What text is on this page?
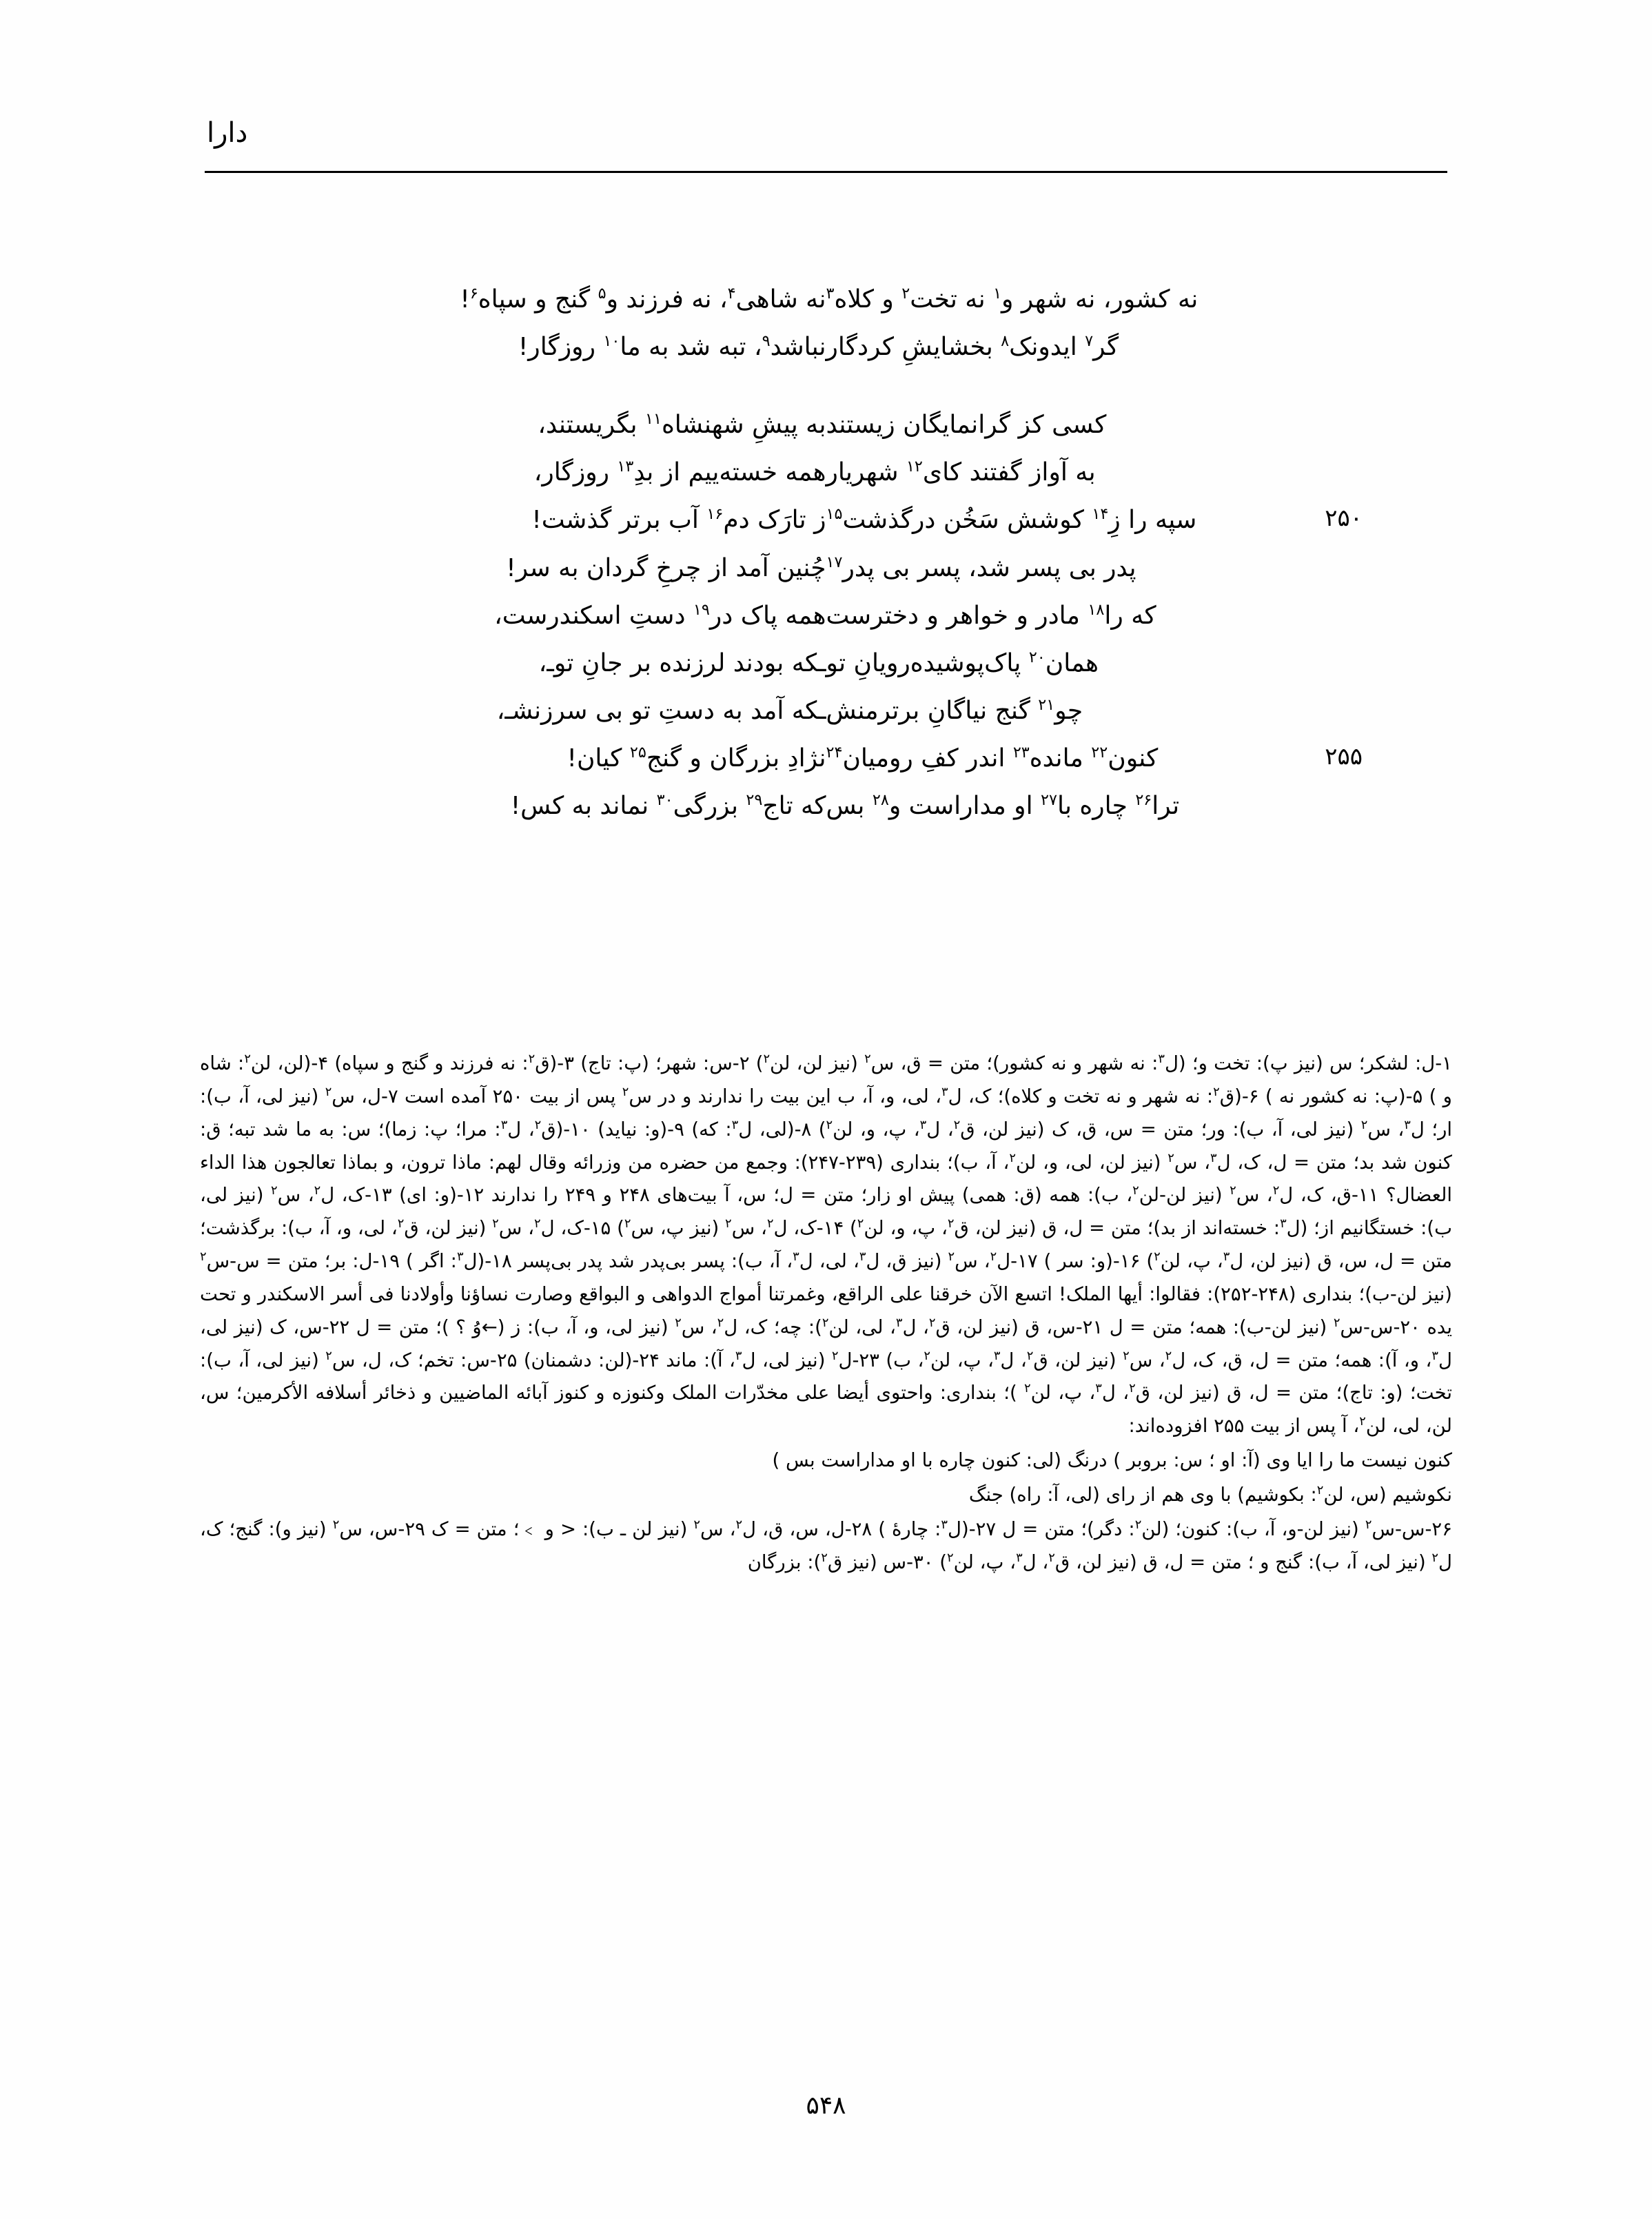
دارا
نه کشور، نه شهر و$^۱$ نه تخت$^۲$ و کلاه$^۳$	نه شاهی$^۴$، نه فرزند و$^۵$ گنج و سپاه$^۶$!

گر$^۷$ ایدونک$^۸$ بخشایشِ کردگار	نباشد$^۹$، تبه شد به ما$^{۱۰}$ روزگار!

کسی کز گرانمایگان زیستند	به پیشِ شهنشاه$^{۱۱}$ بگریستند،

به آواز گفتند کای$^{۱۲}$ شهریار	همه خسته‌ییم از بدِ$^{۱۳}$ روزگار،

۲۵۰
سپه را زِ$^{۱۴}$ کوشش سَخُن درگذشت$^{۱۵}$	ز تارَک دم$^{۱۶}$ آب برتر گذشت!

پدر بی پسر شد، پسر بی پدر$^{۱۷}$	چُنین آمد از چرخِ گردان به سر!

که را$^{۱۸}$ مادر و خواهر و دخترست	همه پاک در$^{۱۹}$ دستِ اسکندرست،

همان$^{۲۰}$ پاک‌پوشیده‌رویانِ تو	ـکه بودند لرزنده بر جانِ توـ،

چو$^{۲۱}$ گنج نیاگانِ برترمنش	ـکه آمد به دستِ تو بی سرزنشـ،

۲۵۵
کنون$^{۲۲}$ مانده$^{۲۳}$ اندر کفِ رومیان$^{۲۴}$	نژادِ بزرگان و گنج$^{۲۵}$ کیان!

ترا$^{۲۶}$ چاره با$^{۲۷}$ او مداراست و$^{۲۸}$ بس	که تاج$^{۲۹}$ بزرگی$^{۳۰}$ نماند به کس!

۱-ل: لشکر؛ س (نیز پ): تخت و؛ (ل$^۳$: نه شهر و نه کشور)؛ متن = ق، س$^۲$ (نیز لن، لن$^۲$) ۲-س: شهر؛ (پ: تاج) ۳-(ق$^۲$: نه فرزند و گنج و سپاه) ۴-(لن، لن$^۲$: شاه و ) ۵-(پ: نه کشور نه ) ۶-(ق$^۲$: نه شهر و نه تخت و کلاه)؛ ک، ل$^۳$، لی، و، آ، ب این بیت را ندارند و در س$^۲$ پس از بیت ۲۵۰ آمده است ۷-ل، س$^۲$ (نیز لی، آ، ب): ار؛ ل$^۳$، س$^۲$ (نیز لی، آ، ب): ور؛ متن = س، ق، ک (نیز لن، ق$^۲$، ل$^۳$، پ، و، لن$^۲$) ۸-(لی، ل$^۳$: که) ۹-(و: نیاید) ۱۰-(ق$^۲$، ل$^۳$: مرا؛ پ: زما)؛ س: به ما شد تبه؛ ق: کنون شد بد؛ متن = ل، ک، ل$^۳$، س$^۲$ (نیز لن، لی، و، لن$^۲$، آ، ب)؛ بنداری (۲۳۹-۲۴۷): وجمع من حضره من وزرائه وقال لهم: ماذا ترون، و بماذا تعالجون هذا الداء العضال؟ ۱۱-ق، ک، ل$^۲$، س$^۲$ (نیز لن-لن$^۲$، ب): همه (ق: همی) پیش او زار؛ متن = ل؛ س، آ بیت‌های ۲۴۸ و ۲۴۹ را ندارند ۱۲-(و: ای) ۱۳-ک، ل$^۲$، س$^۲$ (نیز لی، ب): خستگانیم از؛ (ل$^۳$: خسته‌اند از بد)؛ متن = ل، ق (نیز لن، ق$^۲$، پ، و، لن$^۲$) ۱۴-ک، ل$^۲$، س$^۲$ (نیز پ، س$^۲$) ۱۵-ک، ل$^۲$، س$^۲$ (نیز لن، ق$^۲$، لی، و، آ، ب): برگذشت؛ متن = ل، س، ق (نیز لن، ل$^۳$، پ، لن$^۲$) ۱۶-(و: سر ) ۱۷-ل$^۲$، س$^۲$ (نیز ق، ل$^۳$، لی، ل$^۳$، آ، ب): پسر بی‌پدر شد پدر بی‌پسر ۱۸-(ل$^۳$: اگر ) ۱۹-ل: بر؛ متن = س-س$^۲$ (نیز لن-ب)؛ بنداری (۲۴۸-۲۵۲): فقالوا: أیها الملک! اتسع الآن خرقنا علی الراقع، وغمرتنا أمواج الدواهی و البواقع وصارت نساؤنا وأولادنا فی أسر الاسکندر و تحت یده ۲۰-س-س$^۲$ (نیز لن-ب): همه؛ متن = ل ۲۱-س، ق (نیز لن، ق$^۲$، ل$^۳$، لی، لن$^۲$): چه؛ ک، ل$^۲$، س$^۲$ (نیز لی، و، آ، ب): ز (←وُ ؟ )؛ متن = ل ۲۲-س، ک (نیز لی، ل$^۳$، و، آ): همه؛ متن = ل، ق، ک، ل$^۲$، س$^۲$ (نیز لن، ق$^۲$، ل$^۳$، پ، لن$^۲$، ب) ۲۳-ل$^۲$ (نیز لی، ل$^۳$، آ): ماند ۲۴-(لن: دشمنان) ۲۵-س: تخم؛ ک، ل، س$^۲$ (نیز لی، آ، ب): تخت؛ (و: تاج)؛ متن = ل، ق (نیز لن، ق$^۲$، ل$^۳$، پ، لن$^۲$ )؛ بنداری: واحتوی أیضا علی مخدّرات الملک وکنوزه و کنوز آبائه الماضیین و ذخائر أسلافه الأکرمین؛ س، لن، لی، لن$^۲$، آ پس از بیت ۲۵۵ افزوده‌اند:

کنون نیست ما را ایا وی (آ: او ؛ س: بروبر ) درنگ (لی: کنون چاره با او مداراست بس )

نکوشیم (س، لن$^۲$: بکوشیم) با وی هم از رای (لی، آ: راه) جنگ

۲۶-س-س$^۲$ (نیز لن-و، آ، ب): کنون؛ (لن$^۲$: دگر)؛ متن = ل ۲۷-(ل$^۳$: چارهٔ ) ۲۸-ل، س، ق، ل$^۲$، س$^۲$ (نیز لن ـ ب): < و ﹥؛ متن = ک ۲۹-س، س$^۲$ (نیز و): گنج؛ ک، ل$^۲$ (نیز لی، آ، ب): گنج و ؛ متن = ل، ق (نیز لن، ق$^۲$، ل$^۳$، پ، لن$^۲$) ۳۰-س (نیز ق$^۲$): بزرگان

۵۴۸
